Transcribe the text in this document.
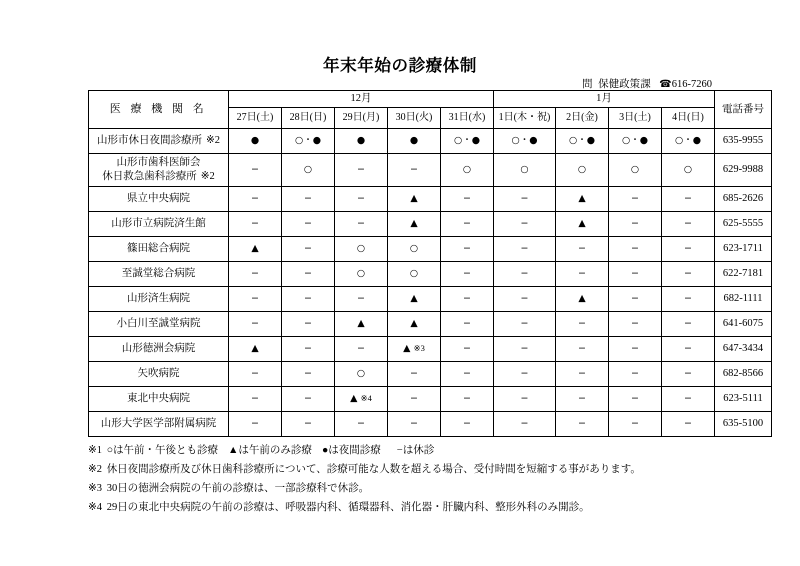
年末年始の診療体制
問 保健政策課 ☎616-7260
医 療 機 関 名	12月					1月				電話番号
	27日(土)	28日(日)	29日(月)	30日(火)	31日(水)	1日(木・祝)	2日(金)	3日(土)	4日(日)	
山形市休日夜間診療所 ※2	●	○・●	●	●	○・●	○・●	○・●	○・●	○・●	635-9955

山形市歯科医師会
休日救急歯科診療所 ※2	−	○	−	−	○	○	○	○	○	629-9988
県立中央病院	−	−	−	▲	−	−	▲	−	−	685-2626
山形市立病院済生館	−	−	−	▲	−	−	▲	−	−	625-5555
篠田総合病院	▲	−	○	○	−	−	−	−	−	623-1711
至誠堂総合病院	−	−	○	○	−	−	−	−	−	622-7181
山形済生病院	−	−	−	▲	−	−	▲	−	−	682-1111
小白川至誠堂病院	−	−	▲	▲	−	−	−	−	−	641-6075
山形徳洲会病院	▲	−	−	▲ ※3	−	−	−	−	−	647-3434
矢吹病院	−	−	○	−	−	−	−	−	−	682-8566
東北中央病院	−	−	▲ ※4	−	−	−	−	−	−	623-5111
山形大学医学部附属病院	−	−	−	−	−	−	−	−	−	635-5100
※1 ○は午前・午後とも診療 ▲は午前のみ診療 ●は夜間診療 −は休診
※2 休日夜間診療所及び休日歯科診療所について、診療可能な人数を超える場合、受付時間を短縮する事があります。
※3 30日の徳洲会病院の午前の診療は、一部診療科で休診。
※4 29日の東北中央病院の午前の診療は、呼吸器内科、循環器科、消化器・肝臓内科、整形外科のみ開診。
